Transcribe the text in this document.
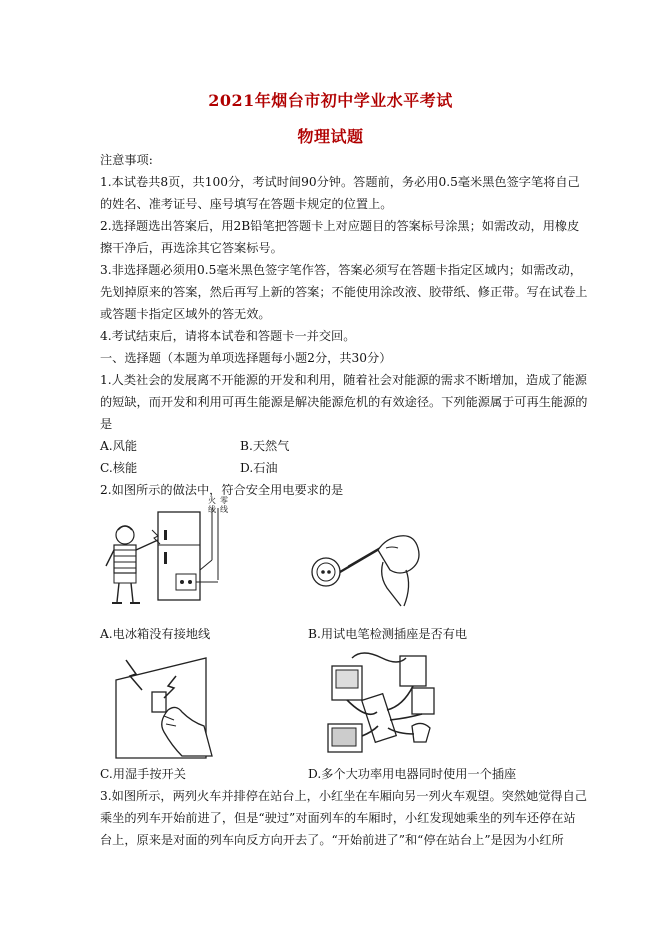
2021年烟台市初中学业水平考试
物理试题
注意事项:
1.本试卷共8页，共100分，考试时间90分钟。答题前，务必用0.5毫米黑色签字笔将自己
的姓名、准考证号、座号填写在答题卡规定的位置上。
2.选择题选出答案后，用2B铅笔把答题卡上对应题目的答案标号涂黑；如需改动，用橡皮
擦干净后，再选涂其它答案标号。
3.非选择题必须用0.5毫米黑色签字笔作答，答案必须写在答题卡指定区域内；如需改动，
先划掉原来的答案，然后再写上新的答案；不能使用涂改液、胶带纸、修正带。写在试卷上
或答题卡指定区域外的答无效。
4.考试结束后，请将本试卷和答题卡一并交回。
一、选择题（本题为单项选择题每小题2分，共30分）
1.人类社会的发展离不开能源的开发和利用，随着社会对能源的需求不断增加，造成了能源
的短缺，而开发和利用可再生能源是解决能源危机的有效途径。下列能源属于可再生能源的
是
A.风能	B.天然气
C.核能	D.石油
2.如图所示的做法中，符合安全用电要求的是
火 零
线 线
A.电冰箱没有接地线	B.用试电笔检测插座是否有电
C.用湿手按开关	D.多个大功率用电器同时使用一个插座
3.如图所示，两列火车并排停在站台上，小红坐在车厢向另一列火车观望。突然她觉得自己
乘坐的列车开始前进了，但是“驶过”对面列车的车厢时，小红发现她乘坐的列车还停在站
台上，原来是对面的列车向反方向开去了。“开始前进了”和“停在站台上”是因为小红所
